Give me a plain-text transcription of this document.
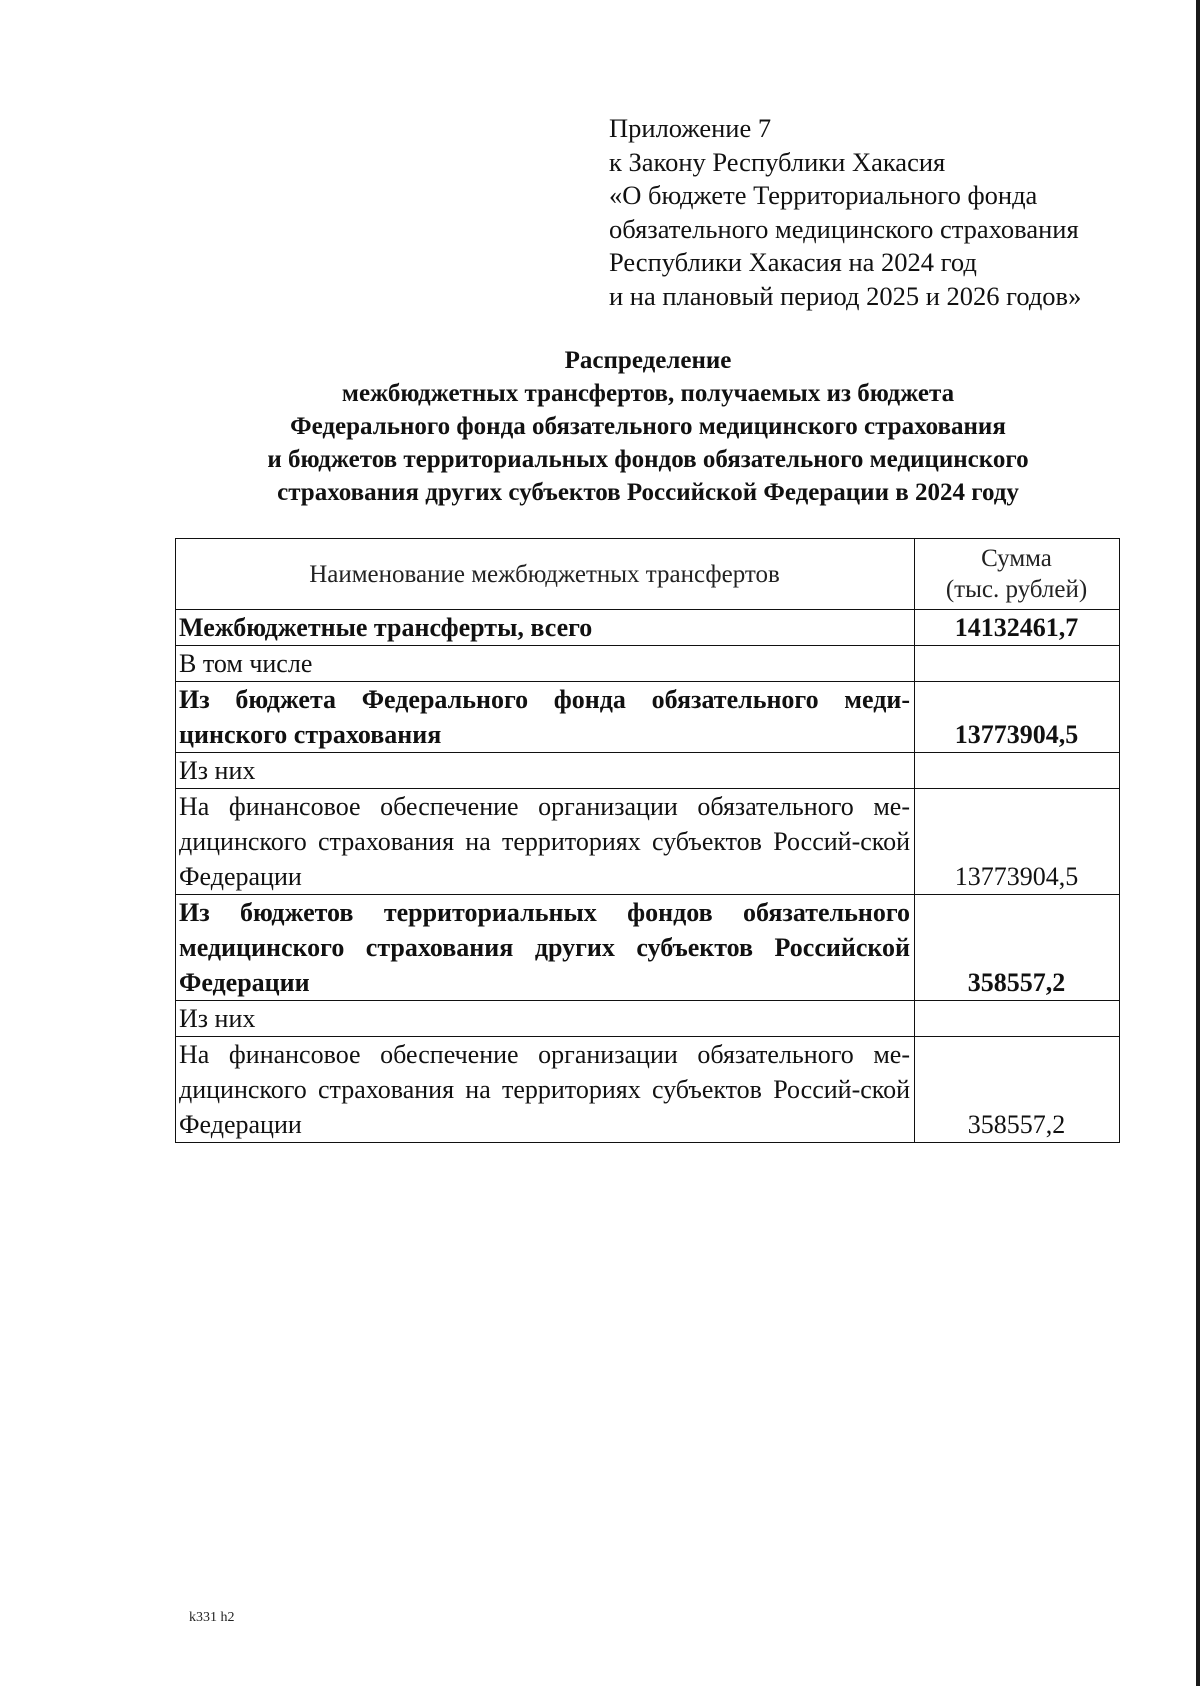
Приложение 7
к Закону Республики Хакасия
«О бюджете Территориального фонда
обязательного медицинского страхования
Республики Хакасия на 2024 год
и на плановый период 2025 и 2026 годов»
Распределение
межбюджетных трансфертов, получаемых из бюджета
Федерального фонда обязательного медицинского страхования
и бюджетов территориальных фондов обязательного медицинского
страхования других субъектов Российской Федерации в 2024 году
Наименование межбюджетных трансфертов	Сумма
(тыс. рублей)

Межбюджетные трансферты, всего	14132461,7
В том числе	
Из бюджета Федерального фонда обязательного меди-цинского страхования	13773904,5
Из них	
На финансовое обеспечение организации обязательного ме-дицинского страхования на территориях субъектов Россий-ской Федерации	13773904,5
Из бюджетов территориальных фондов обязательного медицинского страхования других субъектов Российской Федерации	358557,2
Из них	
На финансовое обеспечение организации обязательного ме-дицинского страхования на территориях субъектов Россий-ской Федерации	358557,2
k331 h2
